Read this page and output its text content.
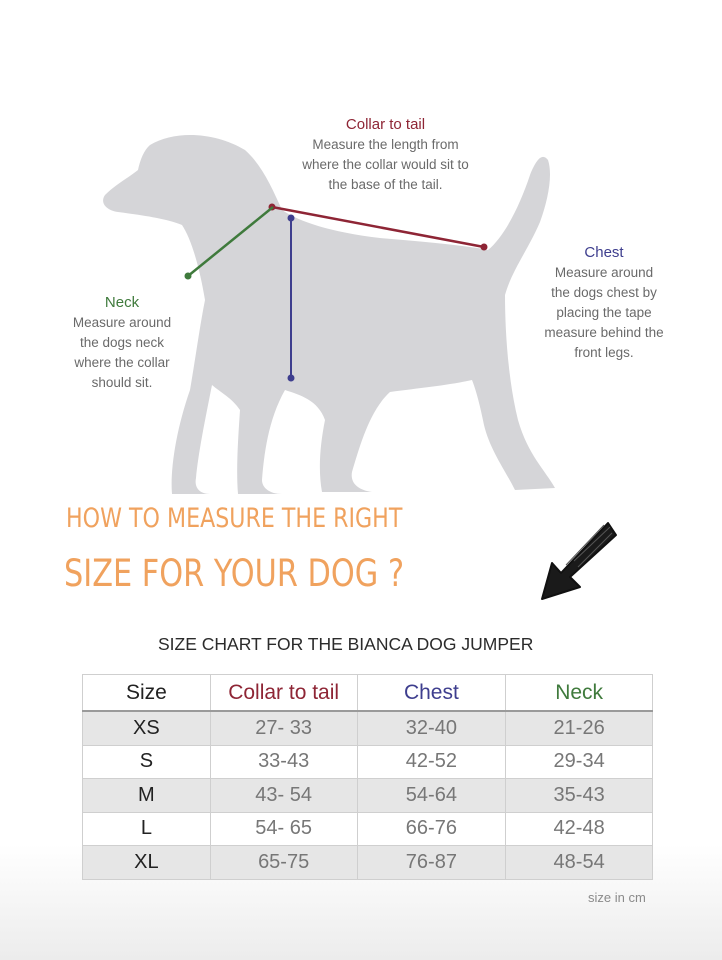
Collar to tail
Measure the length from
where the collar would sit to
the base of the tail.
Chest
Measure around
the dogs chest by
placing the tape
measure behind the
front legs.
Neck
Measure around
the dogs neck
where the collar
should sit.
HOW TO MEASURE THE RIGHT
SIZE FOR YOUR DOG ?
SIZE CHART FOR THE BIANCA DOG JUMPER
Size	Collar to tail	Chest	Neck
XS	27- 33	32-40	21-26
S	33-43	42-52	29-34
M	43- 54	54-64	35-43
L	54- 65	66-76	42-48
XL	65-75	76-87	48-54
size in cm
